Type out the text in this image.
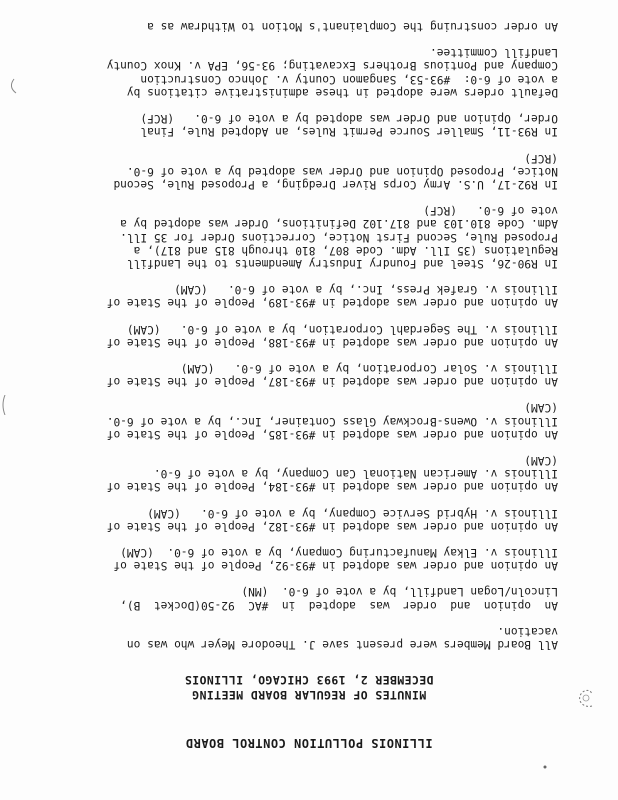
ILLINOIS POLLUTION CONTROL BOARD
MINUTES OF REGULAR BOARD MEETING
DECEMBER 2, 1993 CHICAGO, ILLINOIS

All Board Members were present save J. Theodore Meyer who was on
vacation.

An  opinion  and  order  was  adopted  in  #AC  92-50(Docket  B),
Lincoln/Logan Landfill, by a vote of 6-0.  (MN)

An opinion and order was adopted in #93-92, People of the State of
Illinois v. Elkay Manufacturing Company, by a vote of 6-0.  (CAM)

An opinion and order was adopted in #93-182, People of the State of
Illinois v. Hybrid Service Company, by a vote of 6-0.   (CAM)

An opinion and order was adopted in #93-184, People of the State of
Illinois v. American National Can Company, by a vote of 6-0.
(CAM)

An opinion and order was adopted in #93-185, People of the State of
Illinois v. Owens-Brockway Glass Container, Inc., by a vote of 6-0.
(CAM)

An opinion and order was adopted in #93-187, People of the State of
Illinois v. Solar Corporation, by a vote of 6-0.   (CAM)

An opinion and order was adopted in #93-188, People of the State of
Illinois v. The Segerdahl Corporation, by a vote of 6-0.   (CAM)

An opinion and order was adopted in #93-189, People of the State of
Illinois v. Grafek Press, Inc., by a vote of 6-0.   (CAM)

In R90-26, Steel and Foundry Industry Amendments to the Landfill
Regulations (35 Ill. Adm. Code 807, 810 through 815 and 817), a
Proposed Rule, Second First Notice, Corrections Order for 35 Ill.
Adm. Code 810.103 and 817.102 Definitions, Order was adopted by a
vote of 6-0.   (RCF)

In R92-17, U.S. Army Corps River Dredging, a Proposed Rule, Second
Notice, Proposed Opinion and Order was adopted by a vote of 6-0.
(RCF)

In R93-11, Smaller Source Permit Rules, an Adopted Rule, Final
Order, Opinion and Order was adopted by a vote of 6-0.   (RCF)

Default orders were adopted in these administrative citations by
a vote of 6-0:  #93-53, Sangamon County v. Johnco Construction
Company and Pontious Brothers Excavating; 93-56, EPA v. Knox County
Landfill Committee.

An order construing the Complainant's Motion to Withdraw as a
